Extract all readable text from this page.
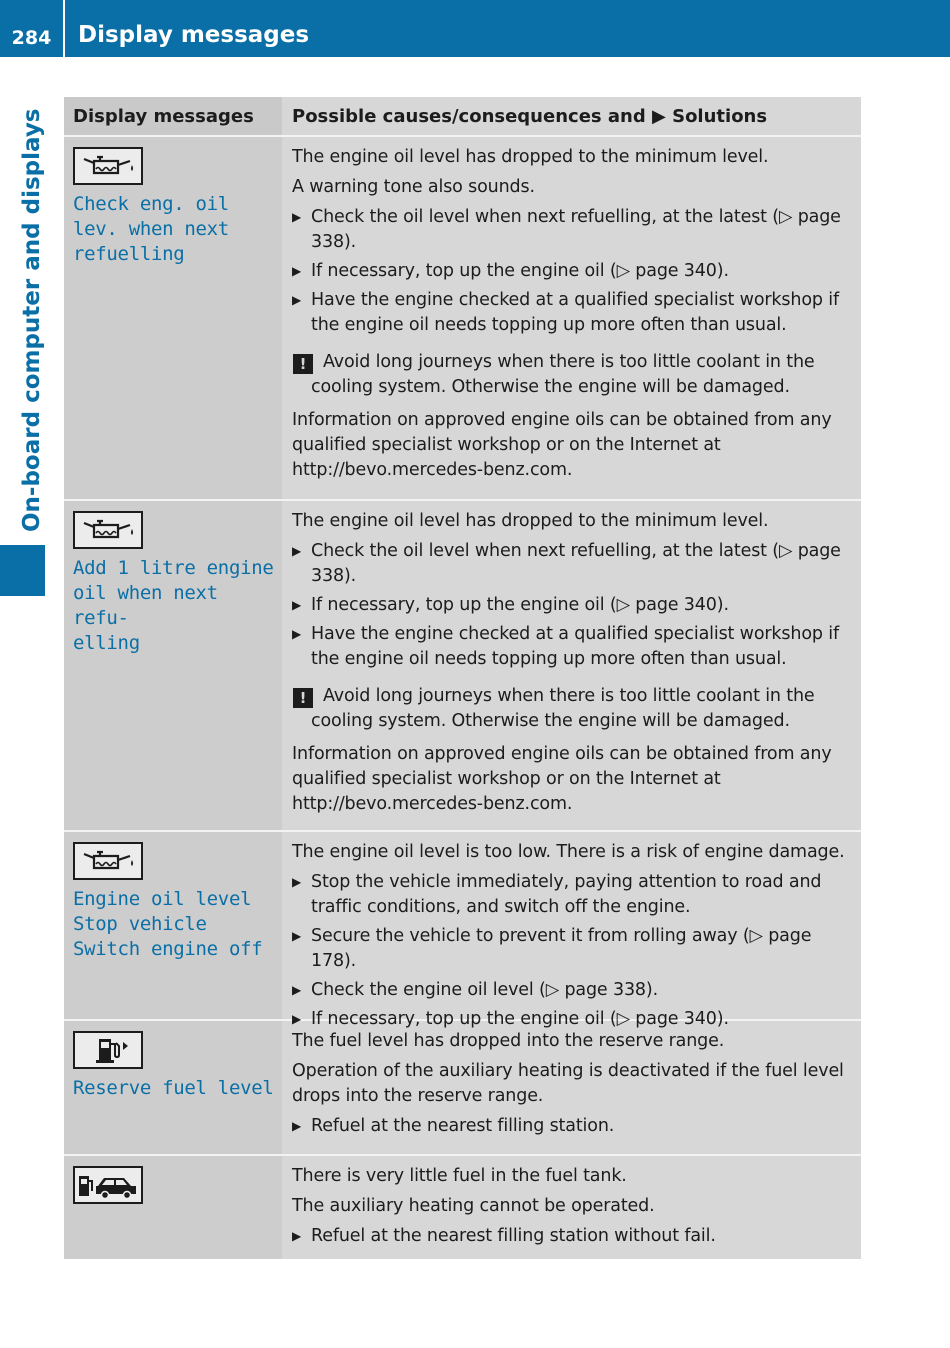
284	Display messages
On-board computer and displays	Display messages	Possible causes/consequences and ▶ Solutions
Check eng. oil
lev. when next
refuelling

The engine oil level has dropped to the minimum level.

A warning tone also sounds.

▶ Check the oil level when next refuelling, at the latest (▷ page 338).
▶ If necessary, top up the engine oil (▷ page 340).
▶ Have the engine checked at a qualified specialist workshop if the engine oil needs topping up more often than usual.
! Avoid long journeys when there is too little coolant in the cooling system. Otherwise the engine will be damaged.

Information on approved engine oils can be obtained from any qualified specialist workshop or on the Internet at http://bevo.mercedes-benz.com.

Add 1 litre engine
oil when next refu-
elling

The engine oil level has dropped to the minimum level.

▶ Check the oil level when next refuelling, at the latest (▷ page 338).
▶ If necessary, top up the engine oil (▷ page 340).
▶ Have the engine checked at a qualified specialist workshop if the engine oil needs topping up more often than usual.
! Avoid long journeys when there is too little coolant in the cooling system. Otherwise the engine will be damaged.

Information on approved engine oils can be obtained from any qualified specialist workshop or on the Internet at http://bevo.mercedes-benz.com.

Engine oil level
Stop vehicle
Switch engine off

The engine oil level is too low. There is a risk of engine damage.

▶ Stop the vehicle immediately, paying attention to road and traffic conditions, and switch off the engine.
▶ Secure the vehicle to prevent it from rolling away (▷ page 178).
▶ Check the engine oil level (▷ page 338).
▶ If necessary, top up the engine oil (▷ page 340).
Reserve fuel level

The fuel level has dropped into the reserve range.

Operation of the auxiliary heating is deactivated if the fuel level drops into the reserve range.

▶ Refuel at the nearest filling station.

There is very little fuel in the fuel tank.

The auxiliary heating cannot be operated.

▶ Refuel at the nearest filling station without fail.
